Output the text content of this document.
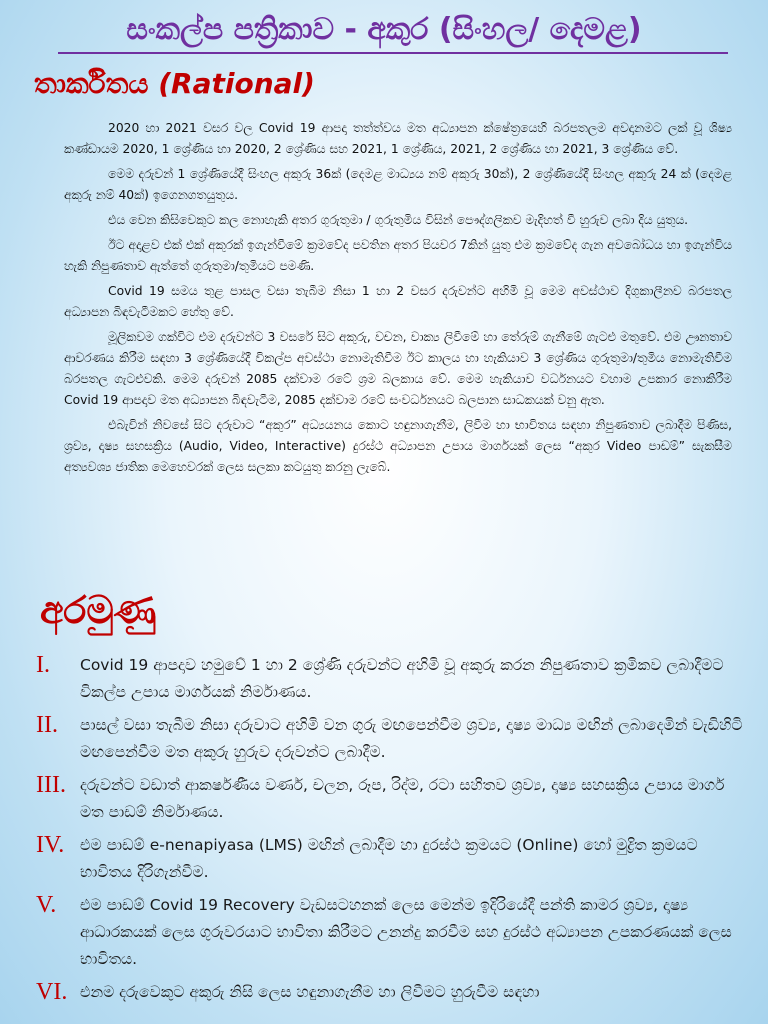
සංකල්ප පත්‍රිකාව - අකුර (සිංහල/ දෙමළ)
තාර්කිතය (Rational)

2020 හා 2021 වසර වල Covid 19 ආපදා තත්ත්වය මත අධ්‍යාපන ක්ෂේත්‍රයෙහි බරපතලම අවදානමට ලක් වූ ශිෂ්‍ය කණ්ඩායම 2020, 1 ශ්‍රේණිය හා 2020, 2 ශ්‍රේණිය සහ 2021, 1 ශ්‍රේණිය, 2021, 2 ශ්‍රේණිය හා 2021, 3 ශ්‍රේණිය වේ.

මෙම දරුවන් 1 ශ්‍රේණියේදී සිංහල අකුරු 36ක් (දෙමළ මාධ්‍යය නම් අකුරු 30ක්), 2 ශ්‍රේණියේදී සිංහල අකුරු 24 ක් (දෙමළ අකුරු නම් 40ක්) ඉගෙනගතයුතුය.

එය වෙන කිසිවෙකුට කල නොහැකි අතර ගුරුතුමා / ගුරුතුමිය විසින් පෞද්ගලිකව මැදිහත් වී හුරුව ලබා දිය යුතුය.

ඊට අදාළව එක් එක් අකුරක් ඉගැන්වීමේ ක්‍රමවේද පවතින අතර පියවර 7කින් යුතු එම ක්‍රමවේද ගැන අවබෝධය හා ඉගැන්විය හැකි නිපුණතාව ඇත්තේ ගුරුතුමා/තුමියට පමණි.

Covid 19 සමය තුළ පාසල වසා තැබීම නිසා 1 හා 2 වසර දරුවන්ට අහිමි වූ මෙම අවස්ථාව දිගුකාලීනව බරපතල අධ්‍යාපන බිඳවැටීමකට හේතු වේ.

මූලිකවම ගක්විට එම දරුවන්ට 3 වසරේ සිට අකුරු, වචන, වාක්‍ය ලිවීමේ හා තේරුම් ගැනීමේ ගැටළු මතුවේ. එම ඌනතාව ආවරණය කිරීම සඳහා 3 ශ්‍රේණියේදී විකල්ප අවස්ථා නොමැතිවීම ඊට කාලය හා හැකියාව 3 ශ්‍රේණිය ගුරුතුමා/තුමිය නොමැතිවීම බරපතල ගැටළුවකි. මෙම දරුවන් 2085 දක්වාම රටේ ශ්‍රම බලකාය වේ. මෙම හැකියාව වර්ධනයට වහාම උපකාර නොකිරීම Covid 19 ආපදාව මත අධ්‍යාපන බිඳවැටීම, 2085 දක්වාම රටේ සංවර්ධනයට බලපාන සාධකයක් වනු ඇත.

එබැවින් නිවසේ සිට දරුවාට “අකුර” අධ්‍යයනය කොට හඳුනාගැනීම, ලිවීම හා භාවිතය සඳහා නිපුණතාව ලබාදීම පිණිස, ශ්‍රව්‍ය, දෘෂ්‍ය සහසක්‍රිය (Audio, Video, Interactive) දුරස්ථ අධ්‍යාපන උපාය මාර්ගයක් ලෙස “අකුර Video පාඩම්” සැකසීම අත්‍යවශ්‍ය ජාතික මෙහෙවරක් ලෙස සලකා කටයුතු කරනු ලැබේ.

අරමුණු
I. Covid 19 ආපදාව හමුවේ 1 හා 2 ශ්‍රේණි දරුවන්ට අහිමි වූ අකුරු කරන නිපුණතාව ක්‍රමිකව ලබාදීමට විකල්ප උපාය මාර්ගයක් නිර්මාණය.
II. පාසල් වසා තැබීම නිසා දරුවාට අහිමි වන ගුරු මඟපෙන්වීම ශ්‍රව්‍ය, දෘෂ්‍ය මාධ්‍ය මඟින් ලබාදෙමින් වැඩිහිටි මඟපෙන්වීම මත අකුරු හුරුව දරුවන්ට ලබාදීම.
III. දරුවන්ට වඩාත් ආකර්ෂණීය වර්ණ, චලන, රූප, රිද්ම, රටා සහිතව ශ්‍රව්‍ය, දෘෂ්‍ය සහසක්‍රිය උපාය මාර්ග මත පාඩම් නිර්මාණය.
IV. එම පාඩම් e-nenapiyasa (LMS) මඟින් ලබාදීම හා දුරස්ථ ක්‍රමයට (Online) හෝ මුද්‍රිත ක්‍රමයට භාවිතය දිරිගැන්වීම.
V. එම පාඩම් Covid 19 Recovery වැඩසටහනක් ලෙස මෙන්ම ඉදිරියේදී පන්ති කාමර ශ්‍රව්‍ය, දෘෂ්‍ය ආධාරකයක් ලෙස ගුරුවරයාට භාවිතා කිරීමට උනන්දු කරවීම සහ දුරස්ථ අධ්‍යාපන උපකරණයක් ලෙස භාවිතය.
VI. එනම දරුවෙකුට අකුරු නිසි ලෙස හඳුනාගැනීම හා ලිවීමට හුරුවීම සඳහා
